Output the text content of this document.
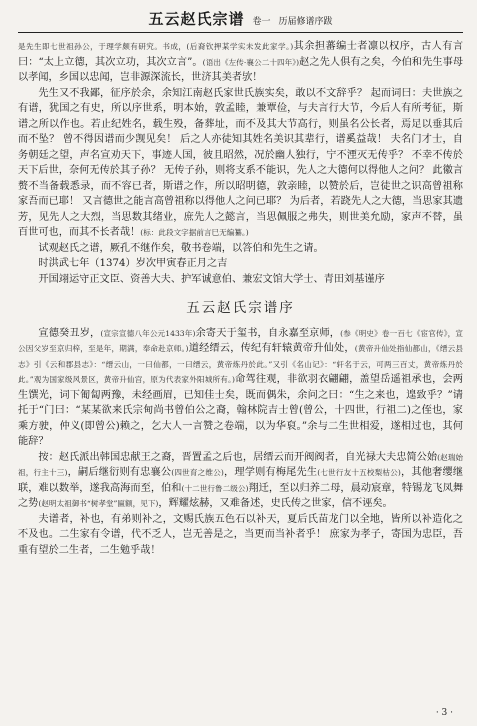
五云赵氏宗谱 卷一 历届修谱序跋

是先生即七世祖孙公，于理学颇有研究。书成，(后裔钦押某学实未发此家学。)其余担蕃编士者凛以权序，古人有言曰：“太上立德，其次立功，其次立言”。(语出《左传·襄公二十四年》)赵之先人俱有之矣，今伯和先生事母以孝闻，乡国以忠闻，岂非源深流长，世济其美者欤！

先生又不我鄙，征序於余，余知江南赵氏家世氏族实矣，敢以不文辞乎？ 起而词曰：夫世族之有谱，犹国之有史，所以序世系，明本始，敦孟睦，兼覃俭，与夫言行大节，今后人有所考征，斯谱之所以作也。若止纪姓名，载生殁，备葬址，而不及其大节高行，则虽名公长者，焉足以垂其后而不坠？ 曾不得因谱而少觊见矣！ 后之人亦徒知其姓名美识其辈行，谱奚益哉！ 夫名门才士，自务朝廷之望，声名宣劝天下，事迹人国，彼且昭然，况於幽人独行，宁不湮灭无传乎？ 不幸不传於天下后世，奈何无传於其子孙？ 无传子孙，则将支系不能识，先人之大德何以得他人之问？ 此徽言赘不当备载悉录，而不容已者，斯谱之作，所以昭明德，敦亲睦，以赞於后，岂徒世之识高曾祖称家吾而已耶！ 又言德世之能言高曾祖称以得他人之问已耶？ 为后者，若跷先人之大德，当思家其遗芳，见先人之大烈，当思数其绪业，庶先人之懿言，当思佩服之弗失，则世美允励，家声不替，虽百世可也，而其不长者哉！(标：此段文字据前言巳无编纂。)

试观赵氏之谱，厥孔不继作矣，敬书卷端，以答伯和先生之请。

时洪武七年（1374）岁次甲寅春正月之吉

开国翊运守正文臣、资善大夫、护军诚意伯、兼宏文馆大学士、青田刘基谨序

五云赵氏宗谱序

宣德癸丑岁，(宣宗宣德八年公元1433年)余寄天于玺书，自永嘉至京师，(参《明史》卷一百七《宦官传》，宣公因父岁至京归梓，至是年，期满，奉命赴京师。)道经缙云，传纪有轩辕黄帝升仙处，(黄帝升仙处指仙都山，《缙云县志》引《云和郡县志》：“缙云山，一曰仙都，一曰缙云，黄帝炼丹於此。”又引《名山记》：“轩名于云，可两三百丈，黄帝炼丹於此。”观为国家级风景区，黄帝升仙宫，原为代表家外阳城所有。)命驾往观，非欲羽衣翩翩，盖望岳遥祖承也，会两生馔光，词下匍匐两豫，未经画眉，已知佳士矣，既而偶朱，余问之曰：“生之来也，遑致乎？”请托于“门曰：“某某欲来氏宗甸尚书曾伯公之裔，翰林院吉士曾(曾公，十四世，行祖二)之侄也，家乘方驶，仲义(即曾公)赖之，乞大人一言赞之卷端，以为华裒。”余与二生世相爱，遂相过也，其何能辞？

按：赵氏派出韩国忠献王之裔，晋置孟之后也，居缙云而开阀阀者，自光禄大夫忠简公始(赵瑞始祖，行主十三)，嗣后继衍则有忠襄公(四世育之维公)，理学则有梅尾先生(七世行友十五校梨枯公)，其他奢缨继联，难以数举，遂我高海而至，伯和(十二世行鲁二级公)翔迁，至以归养二母，晨动宸章，特锡龙飞凤舞之势(赵明太祖御书“树孝堂”匾额，见下)，辉耀炫赫，又难备述，史氏传之世家，信不诬矣。

夫谱者，补也，有弟则补之，文赐氏族五色石以补天，夏后氏苗龙门以全地，皆所以补造化之不及也。二生家有令谱，代不乏人，岂无善是之，当更而当补者乎！ 庶家为孝子，寄国为忠臣，吾重有望於二生者，二生勉乎哉！

· 3 ·
